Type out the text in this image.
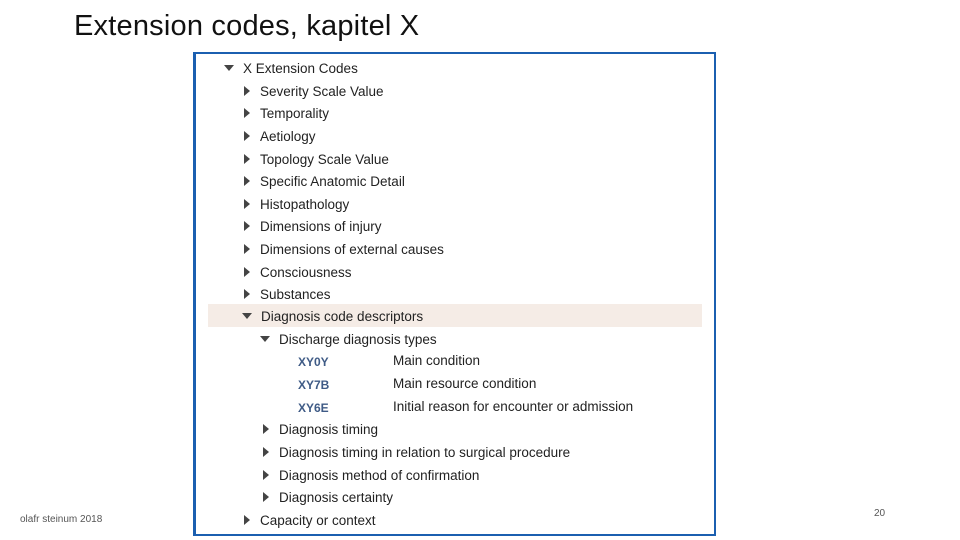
Extension codes, kapitel X
X Extension Codes
Severity Scale Value
Temporality
Aetiology
Topology Scale Value
Specific Anatomic Detail
Histopathology
Dimensions of injury
Dimensions of external causes
Consciousness
Substances
Diagnosis code descriptors
Discharge diagnosis types
XY0Y	Main condition
XY7B	Main resource condition
XY6E	Initial reason for encounter or admission
Diagnosis timing
Diagnosis timing in relation to surgical procedure
Diagnosis method of confirmation
Diagnosis certainty
Capacity or context
olafr steinum 2018
20
